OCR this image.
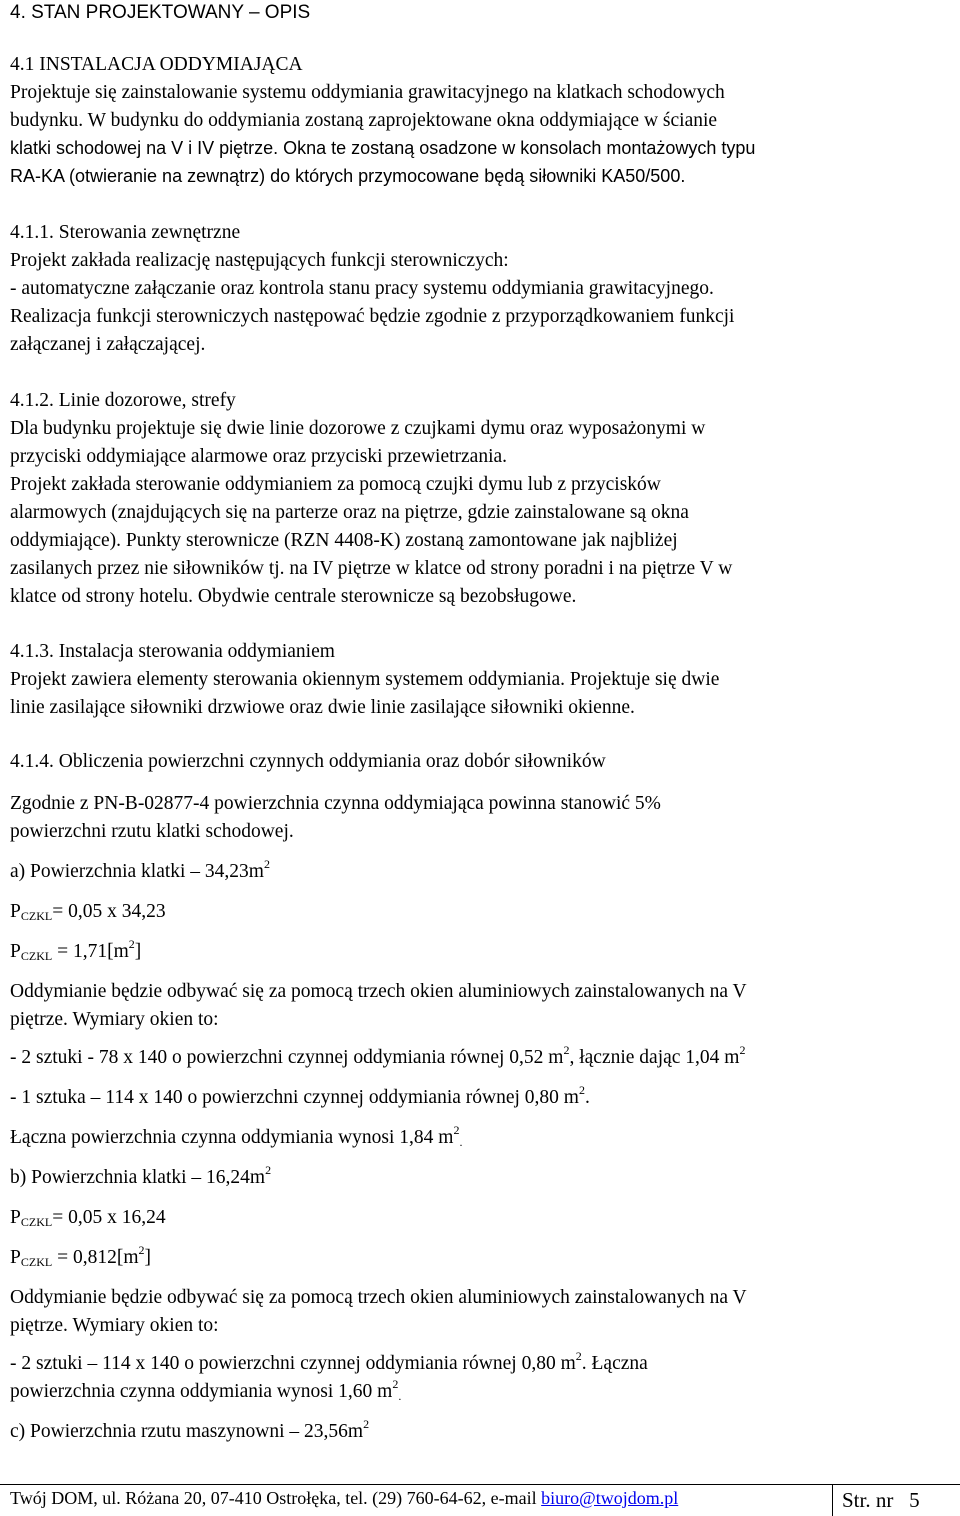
4. STAN PROJEKTOWANY – OPIS
4.1 INSTALACJA ODDYMIAJĄCA
Projektuje się zainstalowanie systemu oddymiania grawitacyjnego na klatkach schodowych
budynku. W budynku do oddymiania zostaną zaprojektowane okna oddymiające w ścianie
klatki schodowej na V i IV piętrze. Okna te zostaną osadzone w konsolach montażowych typu
RA-KA (otwieranie na zewnątrz) do których przymocowane będą siłowniki KA50/500.
4.1.1. Sterowania zewnętrzne
Projekt zakłada realizację następujących funkcji sterowniczych:
- automatyczne załączanie oraz kontrola stanu pracy systemu oddymiania grawitacyjnego.
Realizacja funkcji sterowniczych następować będzie zgodnie z przyporządkowaniem funkcji
załączanej i załączającej.
4.1.2. Linie dozorowe, strefy
Dla budynku projektuje się dwie linie dozorowe z czujkami dymu oraz wyposażonymi w
przyciski oddymiające alarmowe oraz przyciski przewietrzania.
Projekt zakłada sterowanie oddymianiem za pomocą czujki dymu lub z przycisków
alarmowych (znajdujących się na parterze oraz na piętrze, gdzie zainstalowane są okna
oddymiające). Punkty sterownicze (RZN 4408-K) zostaną zamontowane jak najbliżej
zasilanych przez nie siłowników tj. na IV piętrze w klatce od strony poradni i na piętrze V w
klatce od strony hotelu. Obydwie centrale sterownicze są bezobsługowe.
4.1.3. Instalacja sterowania oddymianiem
Projekt zawiera elementy sterowania okiennym systemem oddymiania. Projektuje się dwie
linie zasilające siłowniki drzwiowe oraz dwie linie zasilające siłowniki okienne.
4.1.4. Obliczenia powierzchni czynnych oddymiania oraz dobór siłowników
Zgodnie z PN-B-02877-4 powierzchnia czynna oddymiająca powinna stanowić 5%
powierzchni rzutu klatki schodowej.
a) Powierzchnia klatki – $34,23m^2$
$P_{CZKL}= 0,05$ x 34,23
$P_{CZKL} = 1,71[m^2]$
Oddymianie będzie odbywać się za pomocą trzech okien aluminiowych zainstalowanych na V
piętrze. Wymiary okien to:
- 2 sztuki - 78 x 140 o powierzchni czynnej oddymiania równej 0,52 $m^2$, łącznie dając 1,04 $m^2$
- 1 sztuka – 114 x 140 o powierzchni czynnej oddymiania równej 0,80 $m^2$.
Łączna powierzchnia czynna oddymiania wynosi 1,84 $m^2_.$
b) Powierzchnia klatki – $16,24m^2$
$P_{CZKL}= 0,05$ x 16,24
$P_{CZKL} = 0,812[m^2]$
Oddymianie będzie odbywać się za pomocą trzech okien aluminiowych zainstalowanych na V
piętrze. Wymiary okien to:
- 2 sztuki – 114 x 140 o powierzchni czynnej oddymiania równej 0,80 $m^2$. Łączna
powierzchnia czynna oddymiania wynosi 1,60 $m^2_.$
c) Powierzchnia rzutu maszynowni – $23,56m^2$
Twój DOM, ul. Różana 20, 07-410 Ostrołęka, tel. (29) 760-64-62, e-mail biuro@twojdom.pl	Str. nr 5
